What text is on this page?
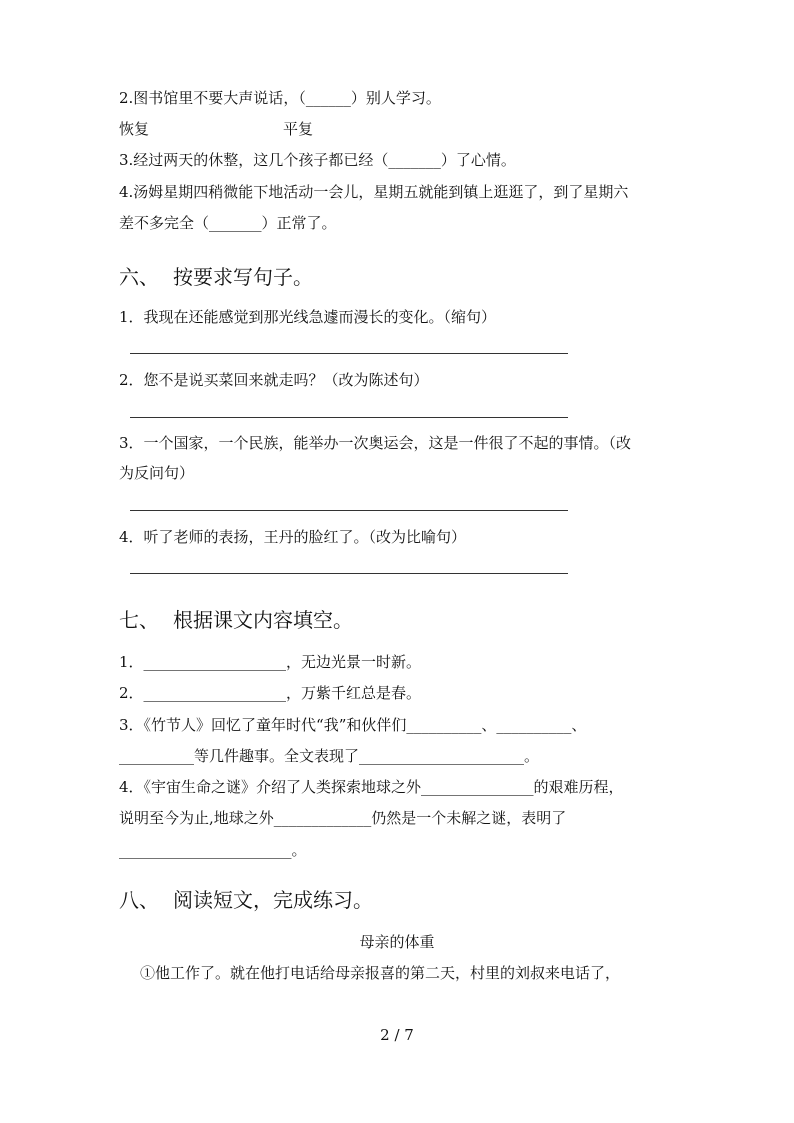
2.图书馆里不要大声说话，（______）别人学习。
恢复	平复
3.经过两天的休整，这几个孩子都已经（_______）了心情。
4.汤姆星期四稍微能下地活动一会儿，星期五就能到镇上逛逛了，到了星期六
差不多完全（_______）正常了。
六、 按要求写句子。
1．我现在还能感觉到那光线急遽而漫长的变化。（缩句）
2．您不是说买菜回来就走吗？（改为陈述句）
3．一个国家，一个民族，能举办一次奥运会，这是一件很了不起的事情。（改
为反问句）
4．听了老师的表扬，王丹的脸红了。（改为比喻句）
七、 根据课文内容填空。
1．___________________，无边光景一时新。
2．___________________，万紫千红总是春。
3．《竹节人》回忆了童年时代“我”和伙伴们__________、__________、
__________等几件趣事。全文表现了______________________。
4．《宇宙生命之谜》介绍了人类探索地球之外_______________的艰难历程，
说明至今为止,地球之外_____________仍然是一个未解之谜，表明了
_______________________。
八、 阅读短文，完成练习。
母亲的体重
①他工作了。就在他打电话给母亲报喜的第二天，村里的刘叔来电话了，
2 / 7
